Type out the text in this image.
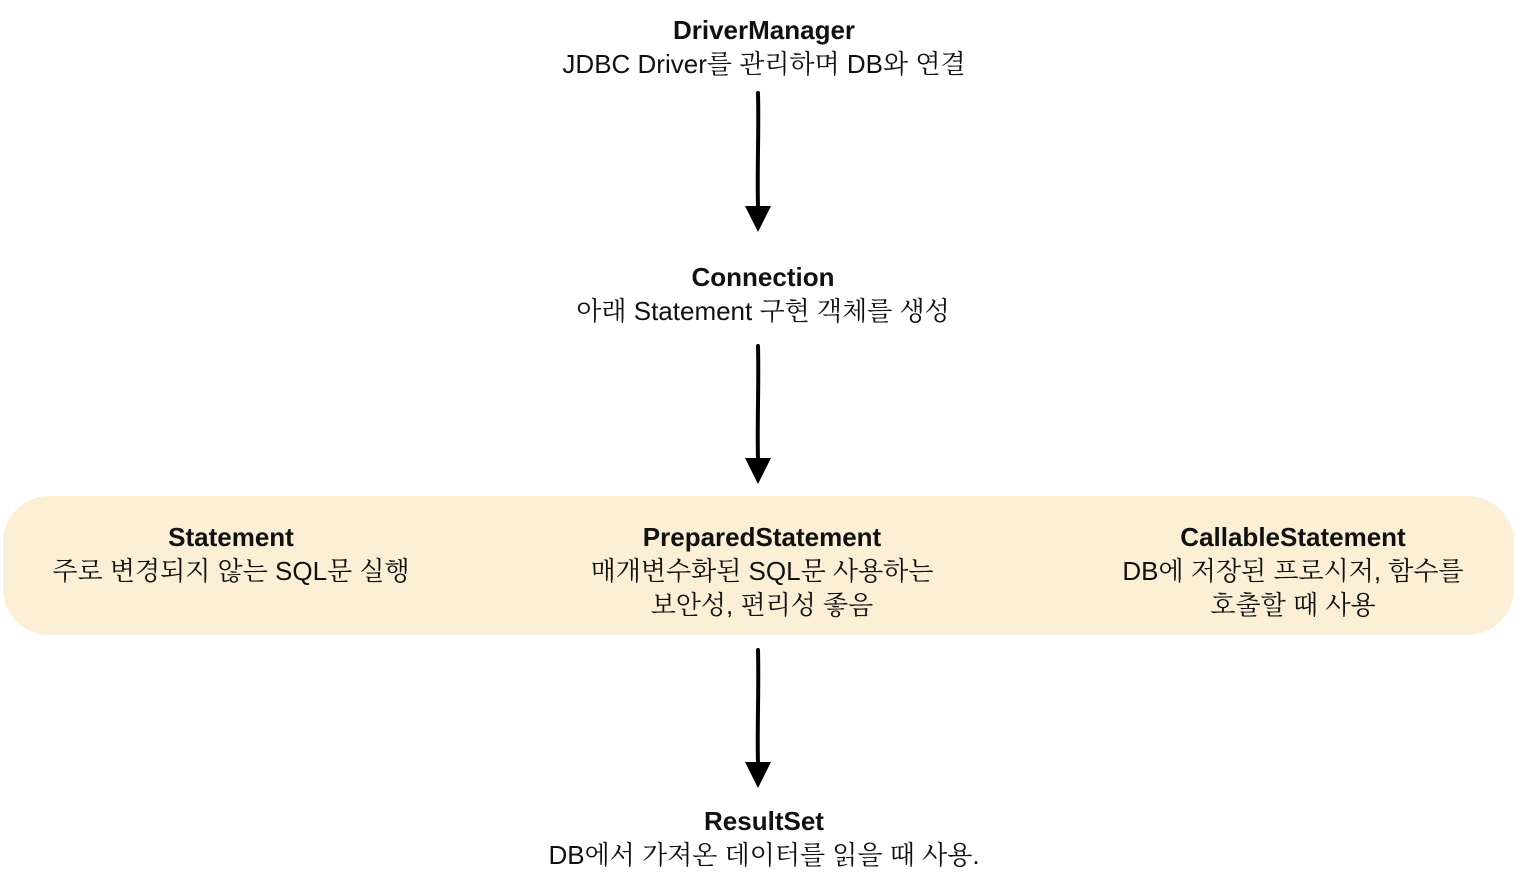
DriverManager
JDBC Driver를 관리하며 DB와 연결
Connection
아래 Statement 구현 객체를 생성
Statement
주로 변경되지 않는 SQL문 실행
PreparedStatement
매개변수화된 SQL문 사용하는
보안성, 편리성 좋음
CallableStatement
DB에 저장된 프로시저, 함수를
호출할 때 사용
ResultSet
DB에서 가져온 데이터를 읽을 때 사용.
